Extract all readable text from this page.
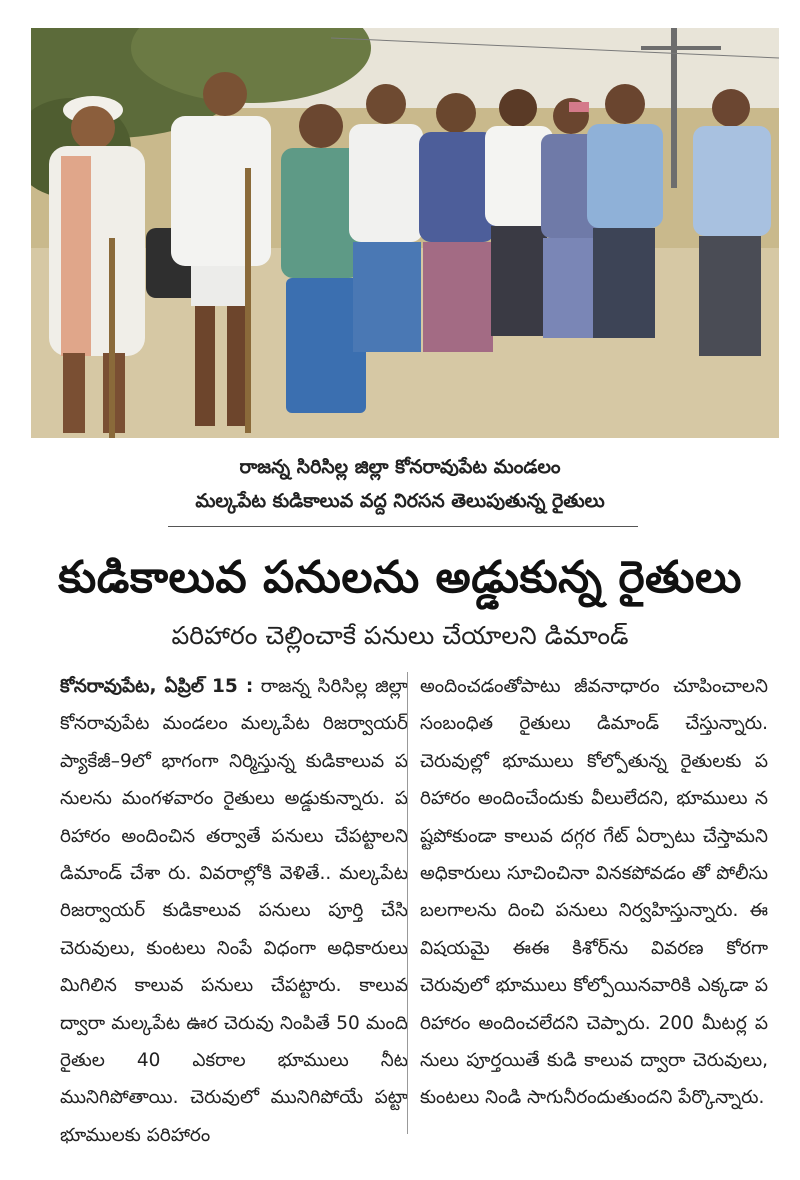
రాజన్న సిరిసిల్ల జిల్లా కోనరావుపేట మండలం
మల్కపేట కుడికాలువ వద్ద నిరసన తెలుపుతున్న రైతులు
కుడికాలువ పనులను అడ్డుకున్న రైతులు
పరిహారం చెల్లించాకే పనులు చేయాలని డిమాండ్

కోనరావుపేట, ఏప్రిల్ 15 : రాజన్న సిరిసిల్ల జిల్లా కోనరావుపేట మండలం మల్కపేట రిజర్వాయర్ ప్యాకేజీ–9లో భాగంగా నిర్మిస్తున్న కుడికాలువ పనులను మంగళవారం రైతులు అడ్డుకున్నారు. పరిహారం అందించిన తర్వాతే పనులు చేపట్టాలని డిమాండ్ చేశా రు. వివరాల్లోకి వెళితే.. మల్కపేట రిజర్వాయర్ కుడికాలువ పనులు పూర్తి చేసి చెరువులు, కుంటలు నింపే విధంగా అధికారులు మిగిలిన కాలువ పనులు చేపట్టారు. కాలువ ద్వారా మల్కపేట ఊర చెరువు నింపితే 50 మంది రైతుల 40 ఎకరాల భూములు నీట మునిగిపోతాయి. చెరువులో మునిగిపోయే పట్టా భూములకు పరిహారం

అందించడంతోపాటు జీవనాధారం చూపించాలని సంబంధిత రైతులు డిమాండ్ చేస్తున్నారు. చెరువుల్లో భూములు కోల్పోతున్న రైతులకు పరిహారం అందించేందుకు వీలులేదని, భూములు నష్టపోకుండా కాలువ దగ్గర గేట్ ఏర్పాటు చేస్తామని అధికారులు సూచించినా వినకపోవడం తో పోలీసు బలగాలను దించి పనులు నిర్వహిస్తున్నారు. ఈ విషయమై ఈఈ కిశోర్‌ను వివరణ కోరగా చెరువులో భూములు కోల్పోయినవారికి ఎక్కడా పరిహారం అందించలేదని చెప్పారు. 200 మీటర్ల పనులు పూర్తయితే కుడి కాలువ ద్వారా చెరువులు, కుంటలు నిండి సాగునీరందుతుందని పేర్కొన్నారు.
